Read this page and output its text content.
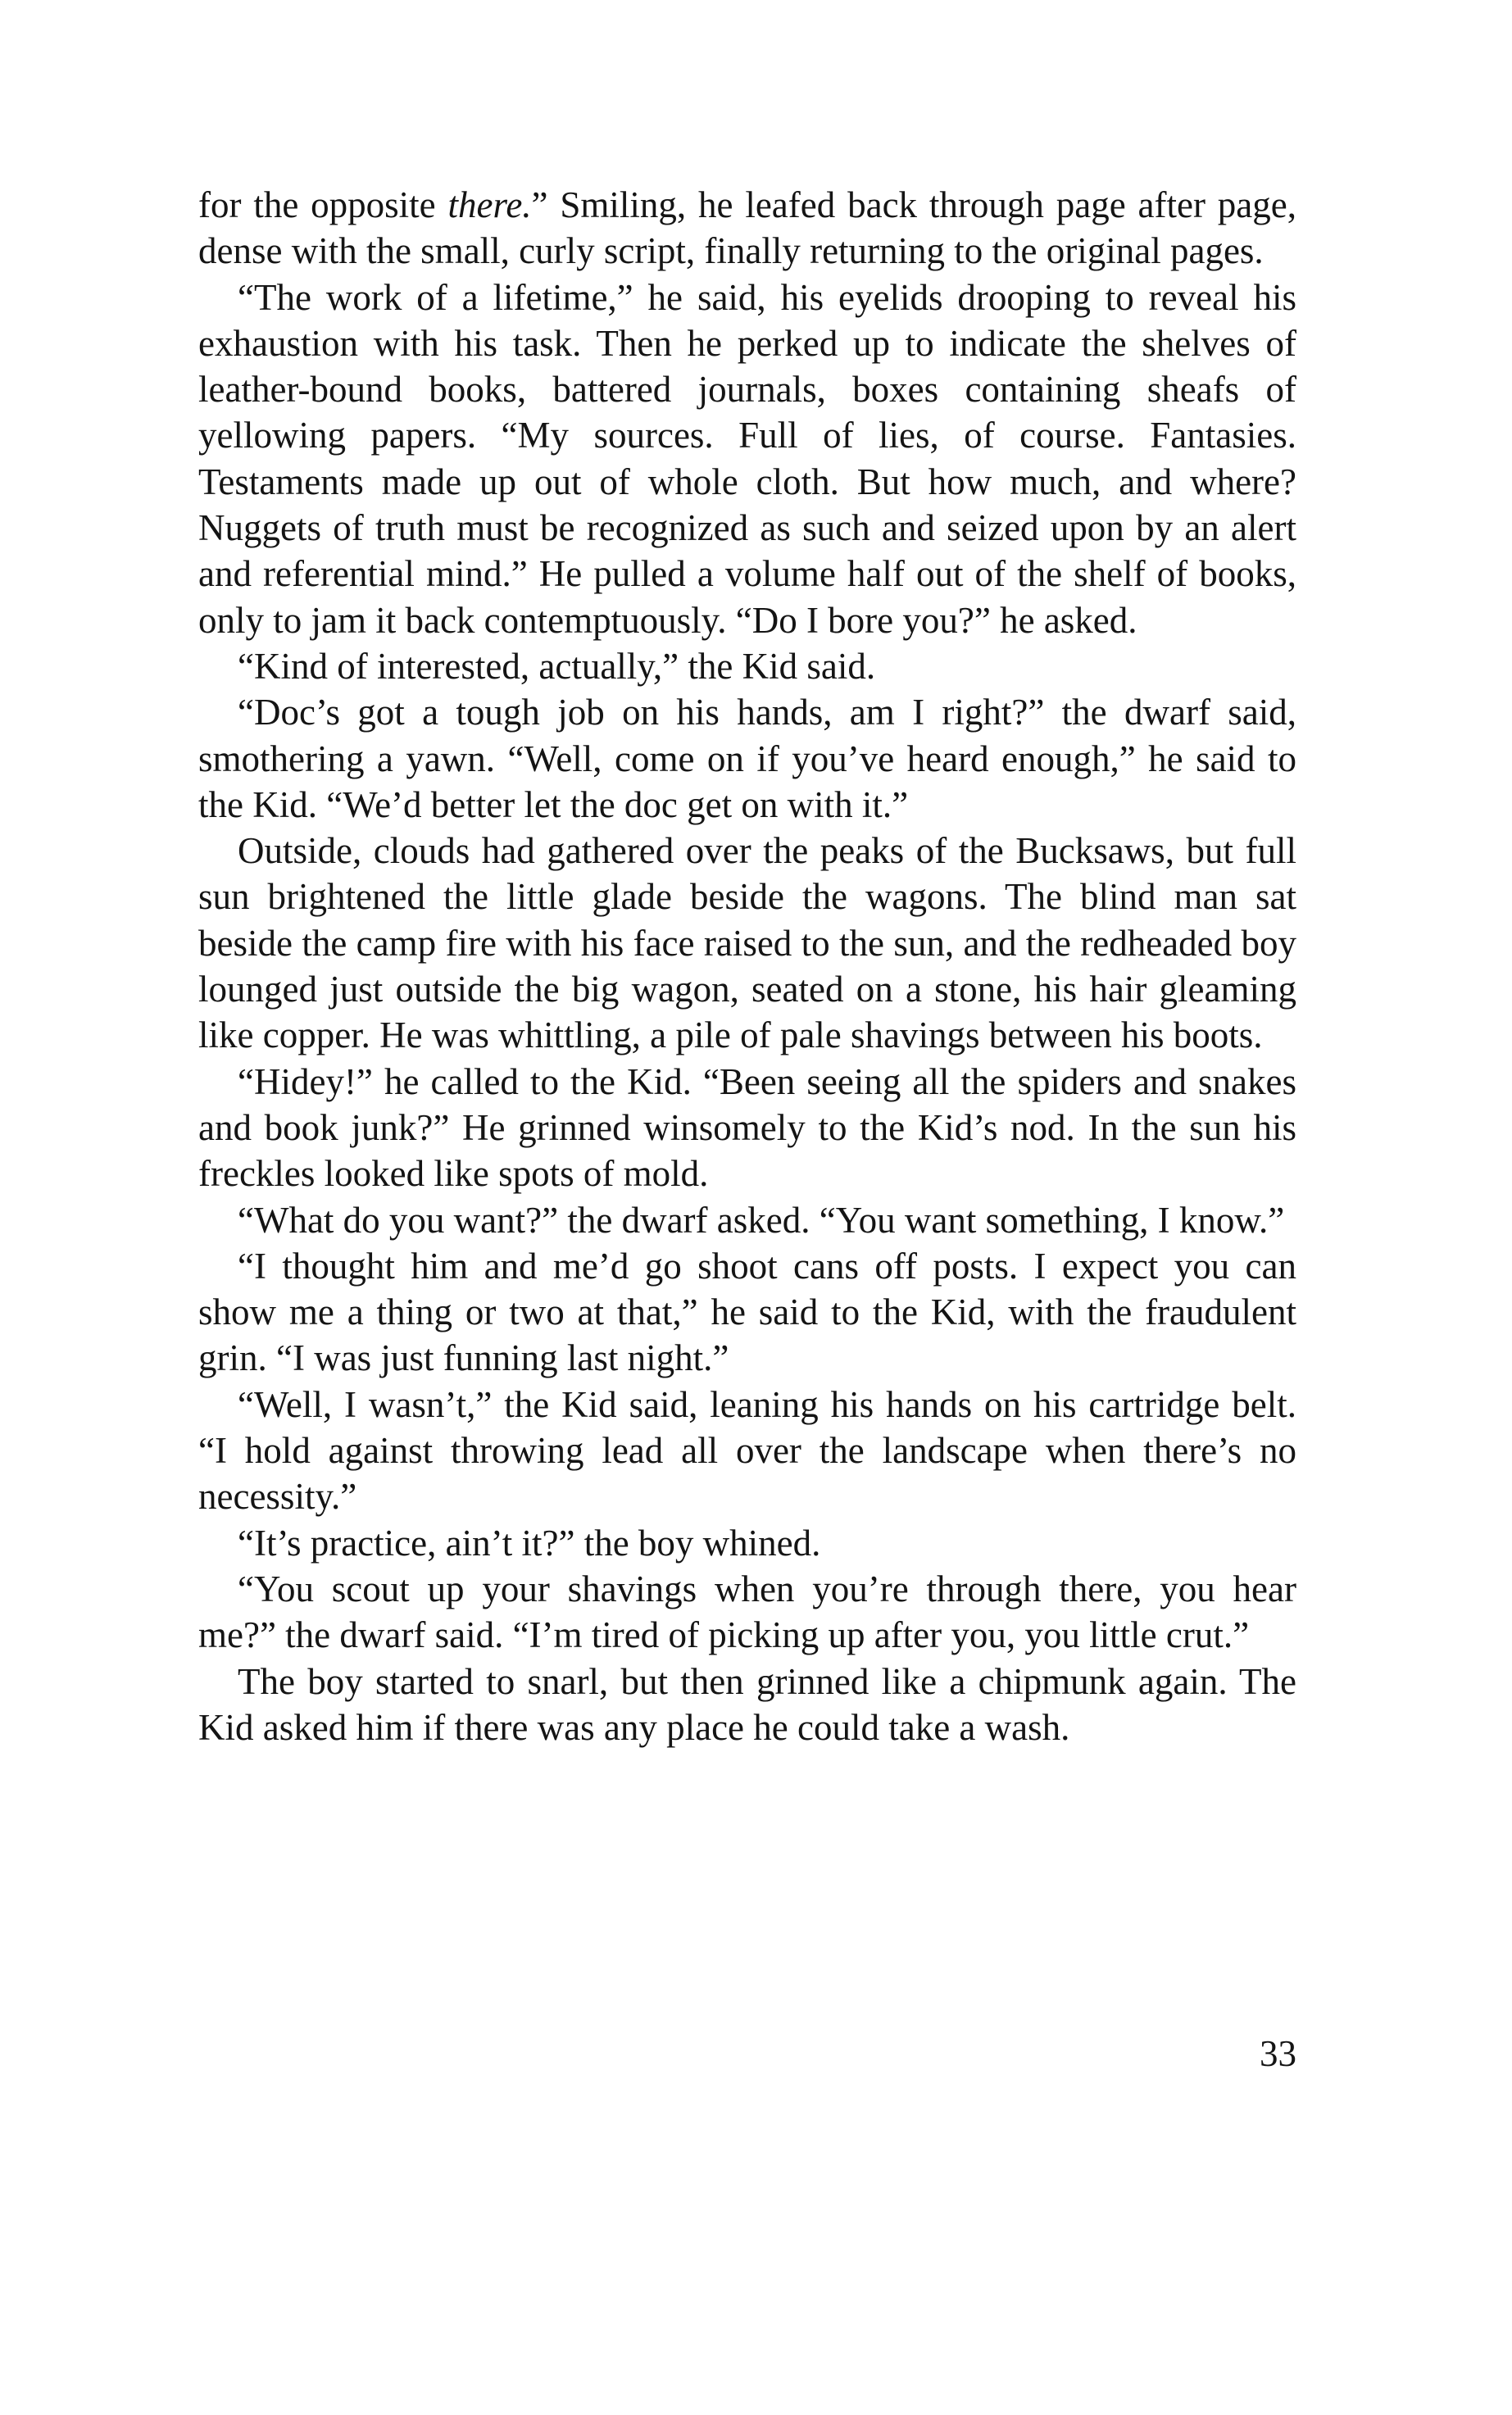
for the opposite there.” Smiling, he leafed back through page after page, dense with the small, curly script, finally returning to the original pages.

“The work of a lifetime,” he said, his eyelids drooping to reveal his exhaustion with his task. Then he perked up to indicate the shelves of leather-bound books, battered journals, boxes containing sheafs of yellowing papers. “My sources. Full of lies, of course. Fantasies. Testaments made up out of whole cloth. But how much, and where? Nuggets of truth must be recognized as such and seized upon by an alert and referential mind.” He pulled a volume half out of the shelf of books, only to jam it back contemptuously. “Do I bore you?” he asked.

“Kind of interested, actually,” the Kid said.

“Doc’s got a tough job on his hands, am I right?” the dwarf said, smothering a yawn. “Well, come on if you’ve heard enough,” he said to the Kid. “We’d better let the doc get on with it.”

Outside, clouds had gathered over the peaks of the Bucksaws, but full sun brightened the little glade beside the wagons. The blind man sat beside the camp fire with his face raised to the sun, and the redheaded boy lounged just outside the big wagon, seated on a stone, his hair gleaming like copper. He was whittling, a pile of pale shavings between his boots.

“Hidey!” he called to the Kid. “Been seeing all the spiders and snakes and book junk?” He grinned winsomely to the Kid’s nod. In the sun his freckles looked like spots of mold.

“What do you want?” the dwarf asked. “You want something, I know.”

“I thought him and me’d go shoot cans off posts. I expect you can show me a thing or two at that,” he said to the Kid, with the fraudulent grin. “I was just funning last night.”

“Well, I wasn’t,” the Kid said, leaning his hands on his cartridge belt. “I hold against throwing lead all over the landscape when there’s no necessity.”

“It’s practice, ain’t it?” the boy whined.

“You scout up your shavings when you’re through there, you hear me?” the dwarf said. “I’m tired of picking up after you, you little crut.”

The boy started to snarl, but then grinned like a chipmunk again. The Kid asked him if there was any place he could take a wash.

33
